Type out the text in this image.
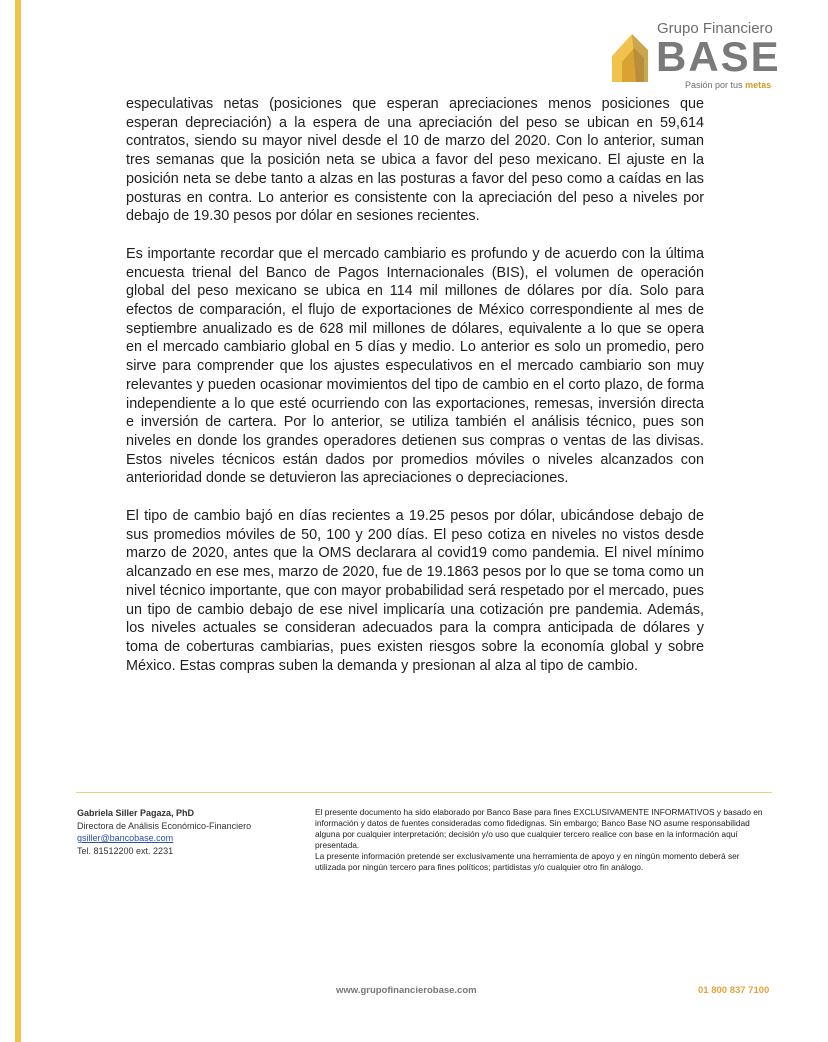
Grupo Financiero
BASE
Pasión por tus metas

especulativas netas (posiciones que esperan apreciaciones menos posiciones que esperan depreciación) a la espera de una apreciación del peso se ubican en 59,614 contratos, siendo su mayor nivel desde el 10 de marzo del 2020. Con lo anterior, suman tres semanas que la posición neta se ubica a favor del peso mexicano. El ajuste en la posición neta se debe tanto a alzas en las posturas a favor del peso como a caídas en las posturas en contra. Lo anterior es consistente con la apreciación del peso a niveles por debajo de 19.30 pesos por dólar en sesiones recientes.

Es importante recordar que el mercado cambiario es profundo y de acuerdo con la última encuesta trienal del Banco de Pagos Internacionales (BIS), el volumen de operación global del peso mexicano se ubica en 114 mil millones de dólares por día. Solo para efectos de comparación, el flujo de exportaciones de México correspondiente al mes de septiembre anualizado es de 628 mil millones de dólares, equivalente a lo que se opera en el mercado cambiario global en 5 días y medio. Lo anterior es solo un promedio, pero sirve para comprender que los ajustes especulativos en el mercado cambiario son muy relevantes y pueden ocasionar movimientos del tipo de cambio en el corto plazo, de forma independiente a lo que esté ocurriendo con las exportaciones, remesas, inversión directa e inversión de cartera. Por lo anterior, se utiliza también el análisis técnico, pues son niveles en donde los grandes operadores detienen sus compras o ventas de las divisas. Estos niveles técnicos están dados por promedios móviles o niveles alcanzados con anterioridad donde se detuvieron las apreciaciones o depreciaciones.

El tipo de cambio bajó en días recientes a 19.25 pesos por dólar, ubicándose debajo de sus promedios móviles de 50, 100 y 200 días. El peso cotiza en niveles no vistos desde marzo de 2020, antes que la OMS declarara al covid19 como pandemia. El nivel mínimo alcanzado en ese mes, marzo de 2020, fue de 19.1863 pesos por lo que se toma como un nivel técnico importante, que con mayor probabilidad será respetado por el mercado, pues un tipo de cambio debajo de ese nivel implicaría una cotización pre pandemia. Además, los niveles actuales se consideran adecuados para la compra anticipada de dólares y toma de coberturas cambiarias, pues existen riesgos sobre la economía global y sobre México. Estas compras suben la demanda y presionan al alza al tipo de cambio.

Gabriela Siller Pagaza, PhD
Directora de Análisis Económico-Financiero
gsiller@bancobase.com
Tel. 81512200 ext. 2231

El presente documento ha sido elaborado por Banco Base para fines EXCLUSIVAMENTE INFORMATIVOS y basado en información y datos de fuentes consideradas como fidedignas. Sin embargo; Banco Base NO asume responsabilidad alguna por cualquier interpretación; decisión y/o uso que cualquier tercero realice con base en la información aquí presentada.

La presente información pretende ser exclusivamente una herramienta de apoyo y en ningún momento deberá ser utilizada por ningún tercero para fines políticos; partidistas y/o cualquier otro fin análogo.

www.grupofinancierobase.com	01 800 837 7100
